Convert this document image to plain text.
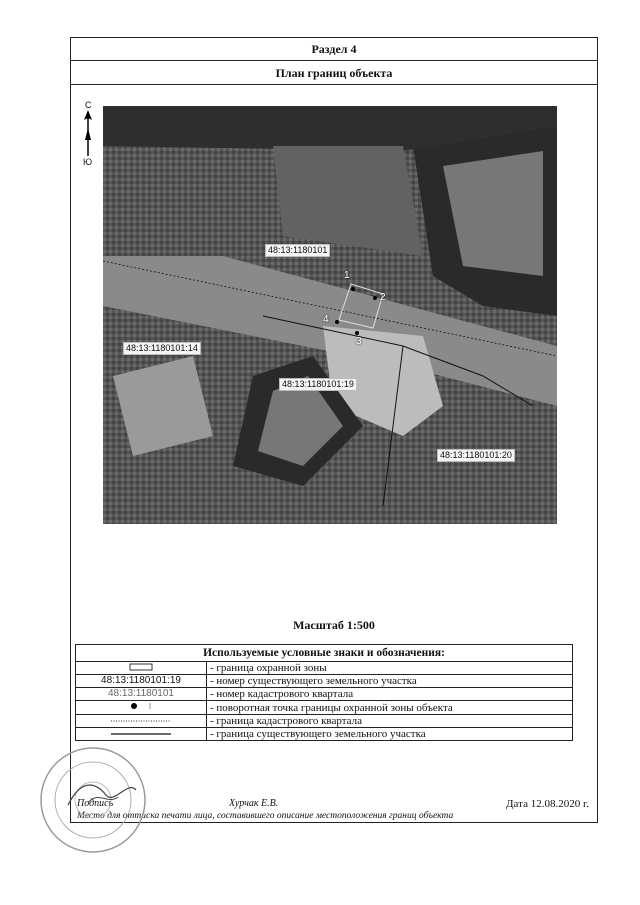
Раздел 4
План границ объекта
С
Ю
48:13:1180101
48:13:1180101:14
48:13:1180101:19
48:13:1180101:20
1
2
3
4
Масштаб 1:500
Используемые условные знаки и обозначения:	
	- граница охранной зоны
48:13:1180101:19	- номер существующего земельного участка
48:13:1180101	- номер кадастрового квартала
	- поворотная точка границы охранной зоны объекта
	- граница кадастрового квартала
	- граница существующего земельного участка
Подпись	Хурчак Е.В.
Место для оттиска печати лица, составившего описание местоположения границ объекта
Дата 12.08.2020 г.
